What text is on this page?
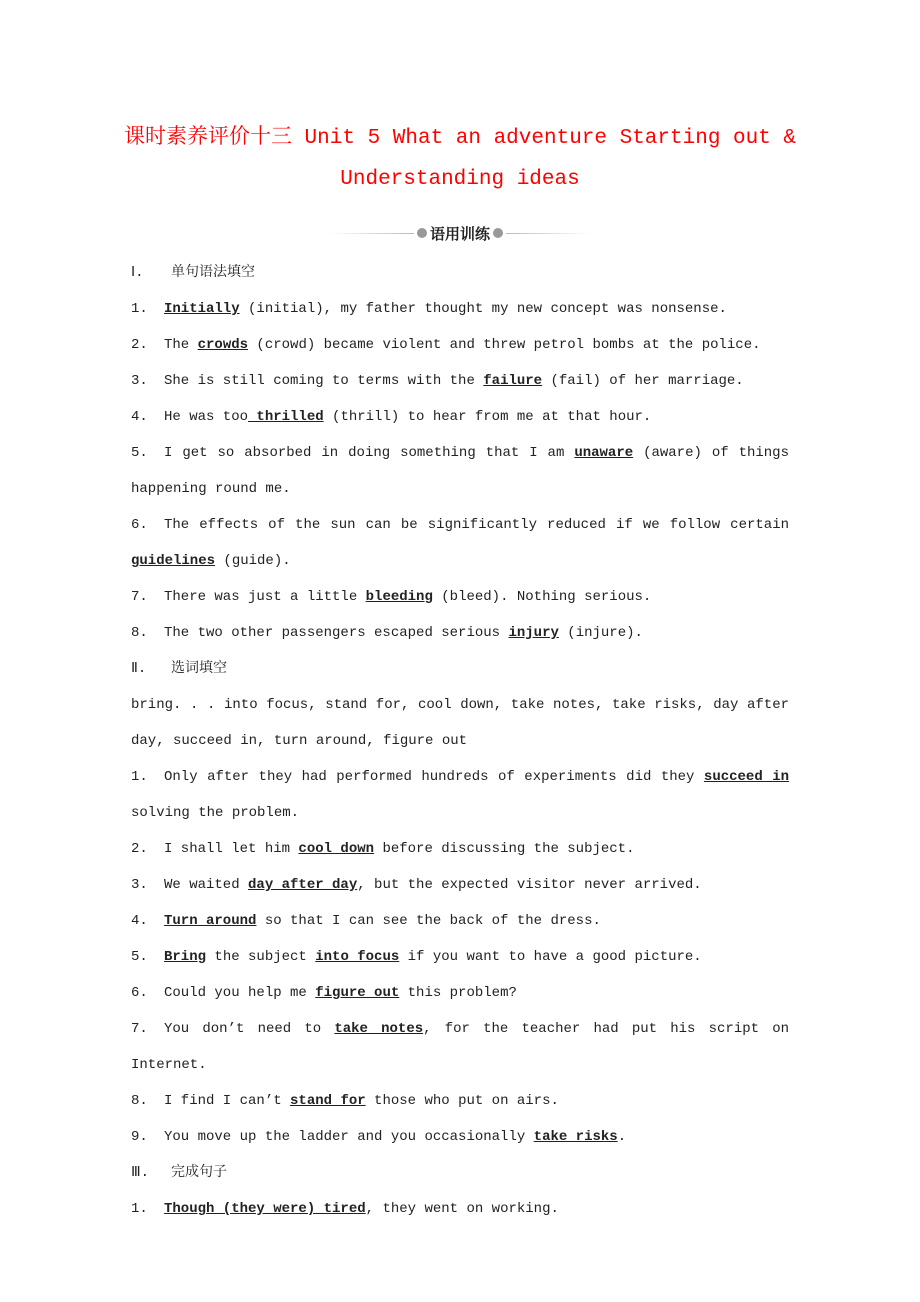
课时素养评价十三 Unit 5 What an adventure Starting out &
Understanding ideas
语用训练

Ⅰ. 单句语法填空

1. Initially (initial), my father thought my new concept was nonsense.

2. The crowds (crowd) became violent and threw petrol bombs at the police.

3. She is still coming to terms with the failure (fail) of her marriage.

4. He was too thrilled (thrill) to hear from me at that hour.

5. I get so absorbed in doing something that I am unaware (aware) of things happening round me.

6. The effects of the sun can be significantly reduced if we follow certain guidelines (guide).

7. There was just a little bleeding (bleed). Nothing serious.

8. The two other passengers escaped serious injury (injure).

Ⅱ. 选词填空

bring. . . into focus, stand for, cool down, take notes, take risks, day after day, succeed in, turn around, figure out

1. Only after they had performed hundreds of experiments did they succeed in solving the problem.

2. I shall let him cool down before discussing the subject.

3. We waited day after day, but the expected visitor never arrived.

4. Turn around so that I can see the back of the dress.

5. Bring the subject into focus if you want to have a good picture.

6. Could you help me figure out this problem?

7. You don’t need to take notes, for the teacher had put his script on Internet.

8. I find I can’t stand for those who put on airs.

9. You move up the ladder and you occasionally take risks.

Ⅲ. 完成句子

1. Though (they were) tired, they went on working.
